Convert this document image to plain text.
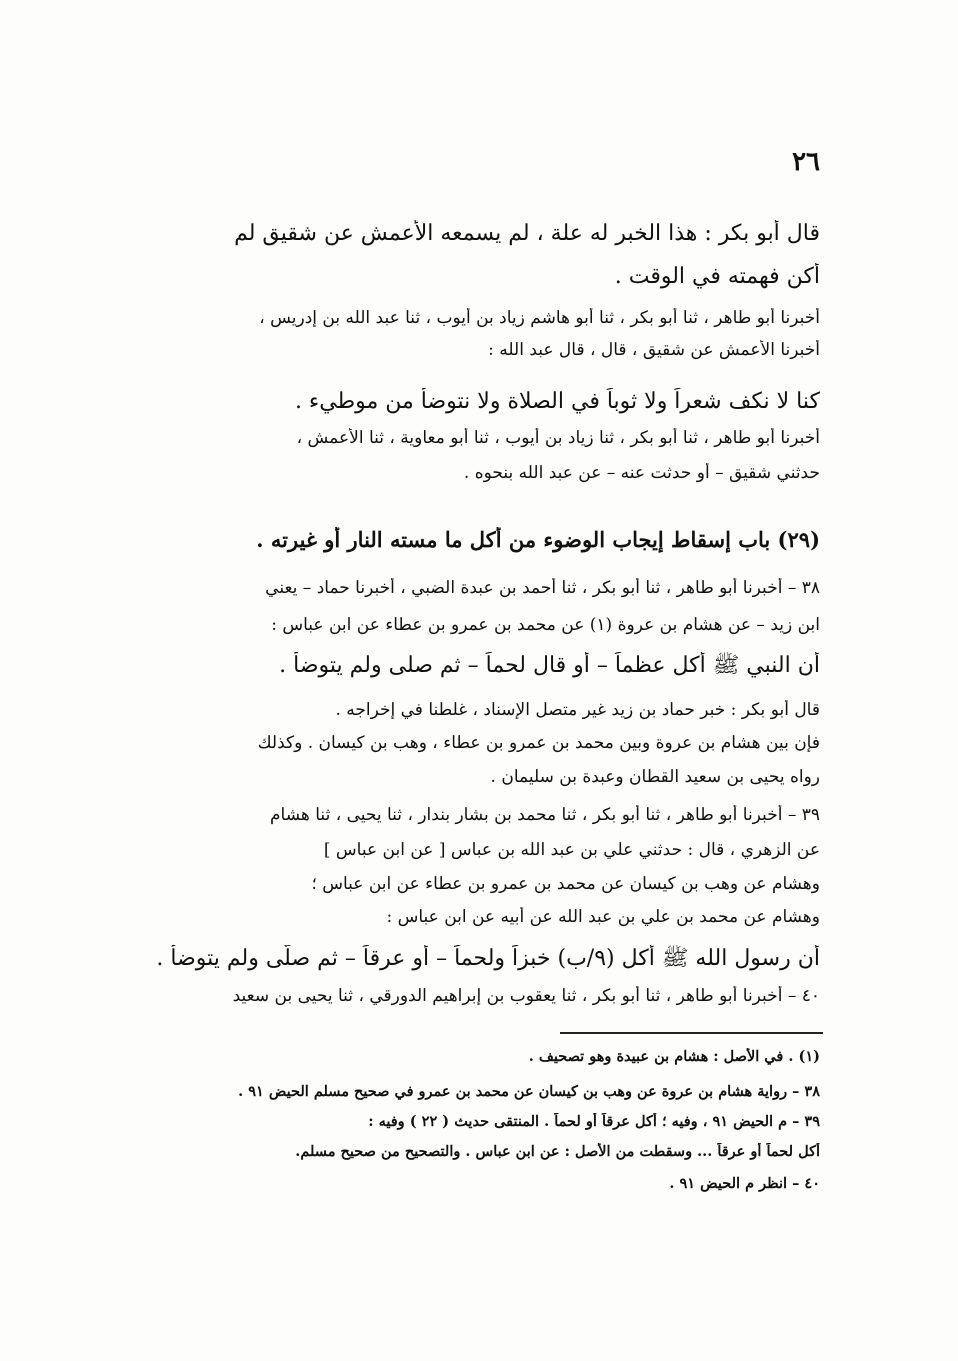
٢٦
قال أبو بكر : هذا الخبر له علة ، لم يسمعه الأعمش عن شقيق لم
أكن فهمته في الوقت .
أخبرنا أبو طاهر ، ثنا أبو بكر ، ثنا أبو هاشم زياد بن أيوب ، ثنا عبد الله بن إدريس ،
أخبرنا الأعمش عن شقيق ، قال ، قال عبد الله :
كنا لا نكف شعراً ولا ثوباً في الصلاة ولا نتوضأ من موطيء .
أخبرنا أبو طاهر ، ثنا أبو بكر ، ثنا زياد بن أيوب ، ثنا أبو معاوية ، ثنا الأعمش ،
حدثني شقيق – أو حدثت عنه – عن عبد الله بنحوه .
(٢٩) باب إسقاط إيجاب الوضوء من أكل ما مسته النار أو غيرته .
٣٨ – أخبرنا أبو طاهر ، ثنا أبو بكر ، ثنا أحمد بن عبدة الضبي ، أخبرنا حماد – يعني
ابن زيد – عن هشام بن عروة (١) عن محمد بن عمرو بن عطاء عن ابن عباس :
أن النبي ﷺ أكل عظماً – أو قال لحماً – ثم صلى ولم يتوضأ .
قال أبو بكر : خبر حماد بن زيد غير متصل الإسناد ، غلطنا في إخراجه .
فإن بين هشام بن عروة وبين محمد بن عمرو بن عطاء ، وهب بن كيسان . وكذلك
رواه يحيى بن سعيد القطان وعبدة بن سليمان .
٣٩ – أخبرنا أبو طاهر ، ثنا أبو بكر ، ثنا محمد بن بشار بندار ، ثنا يحيى ، ثنا هشام
عن الزهري ، قال : حدثني علي بن عبد الله بن عباس [ عن ابن عباس ]
وهشام عن وهب بن كيسان عن محمد بن عمرو بن عطاء عن ابن عباس ؛
وهشام عن محمد بن علي بن عبد الله عن أبيه عن ابن عباس :
أن رسول الله ﷺ أكل (٩/ب) خبزاً ولحماً – أو عرقاً – ثم صلّى ولم يتوضأ .
٤٠ – أخبرنا أبو طاهر ، ثنا أبو بكر ، ثنا يعقوب بن إبراهيم الدورقي ، ثنا يحيى بن سعيد
(١) . في الأصل : هشام بن عبيدة وهو تصحيف .
٣٨ – رواية هشام بن عروة عن وهب بن كيسان عن محمد بن عمرو في صحيح مسلم الحيض ٩١ .
٣٩ – م الحيض ٩١ ، وفيه ؛ أكل عرقاً أو لحماً . المنتقى حديث ( ٢٢ ) وفيه :
أكل لحماً أو عرقاً ... وسقطت من الأصل : عن ابن عباس . والتصحيح من صحيح مسلم.
٤٠ – انظر م الحيض ٩١ .
